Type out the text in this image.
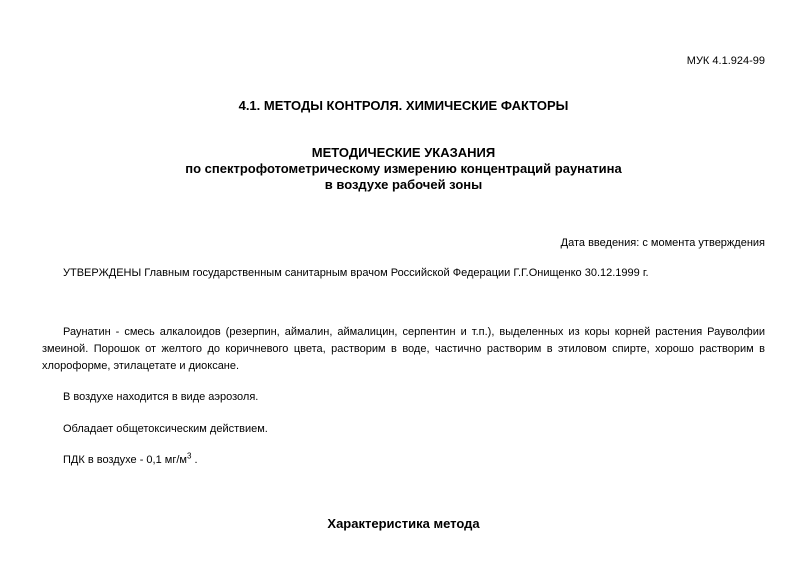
МУК 4.1.924-99
4.1. МЕТОДЫ КОНТРОЛЯ. ХИМИЧЕСКИЕ ФАКТОРЫ
МЕТОДИЧЕСКИЕ УКАЗАНИЯ
по спектрофотометрическому измерению концентраций раунатина
в воздухе рабочей зоны
Дата введения: с момента утверждения
УТВЕРЖДЕНЫ Главным государственным санитарным врачом Российской Федерации Г.Г.Онищенко 30.12.1999 г.
Раунатин - смесь алкалоидов (резерпин, аймалин, аймалицин, серпентин и т.п.), выделенных из коры корней растения Рауволфии змеиной. Порошок от желтого до коричневого цвета, растворим в воде, частично растворим в этиловом спирте, хорошо растворим в хлороформе, этилацетате и диоксане.
В воздухе находится в виде аэрозоля.
Обладает общетоксическим действием.
ПДК в воздухе - 0,1 $мг/м^3$ .
Характеристика метода
